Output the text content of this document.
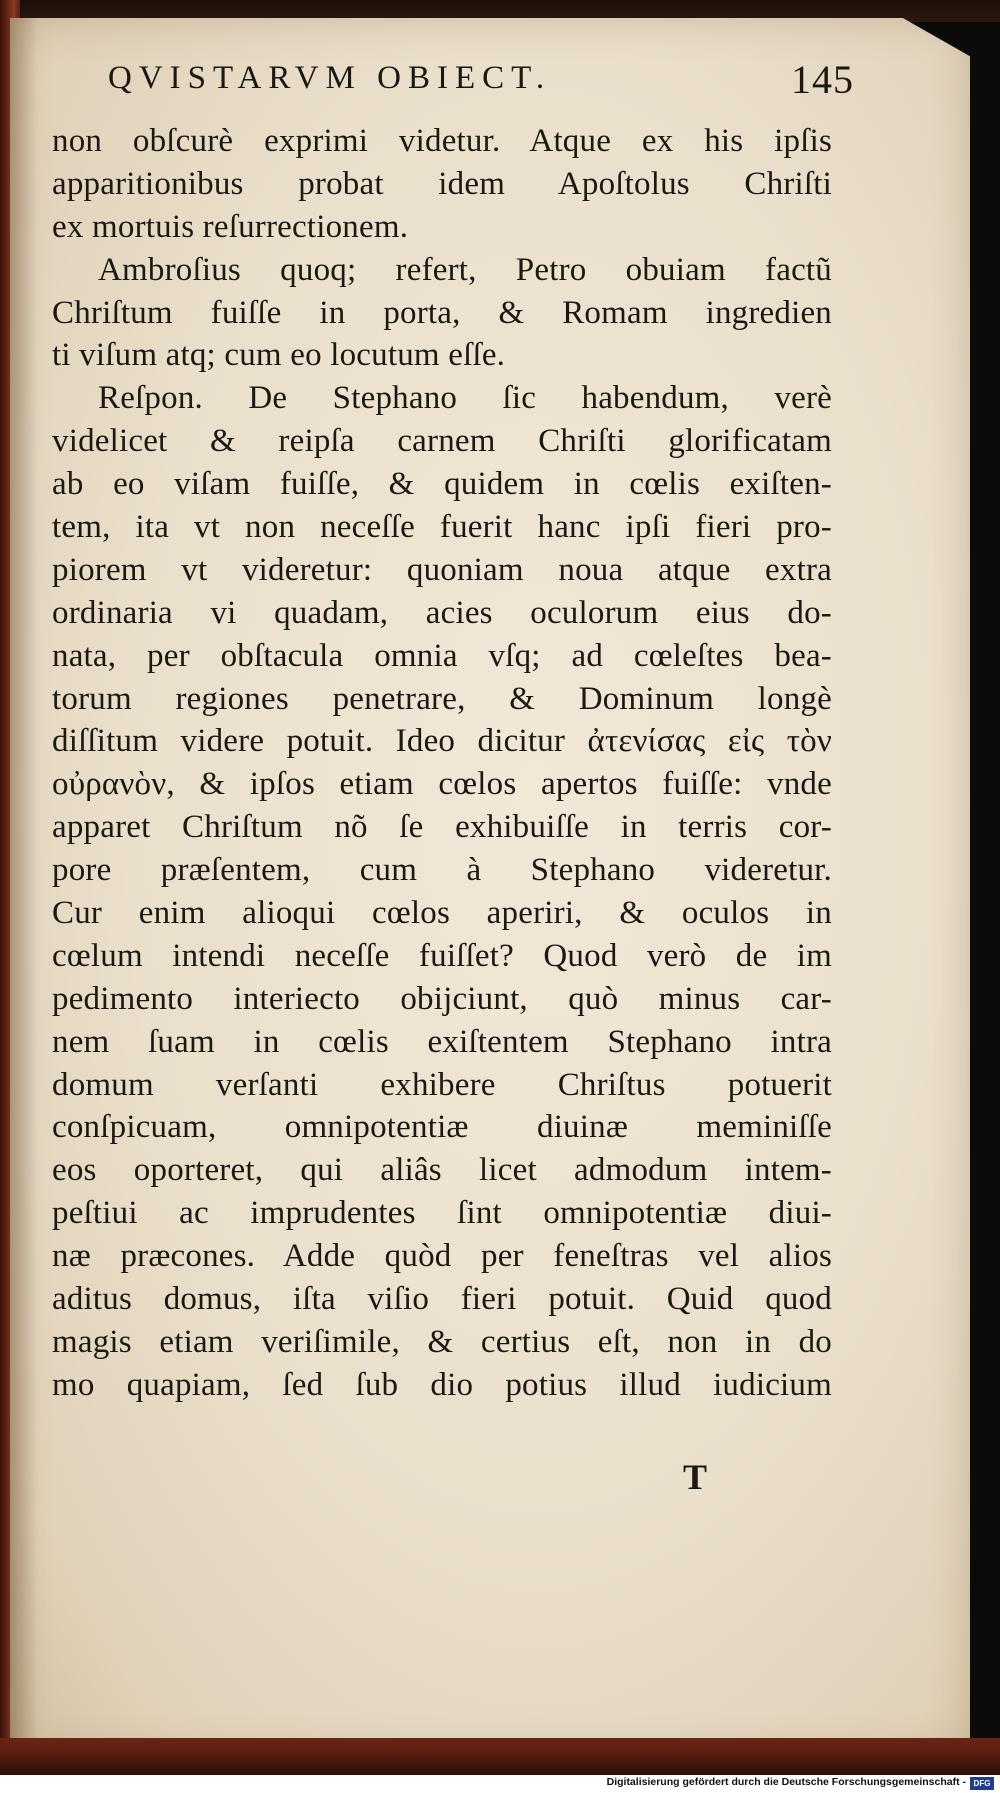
QVISTARVM OBIECT.	145
non obſcurè exprimi videtur. Atque ex his ipſis
apparitionibus probat idem Apoſtolus Chriſti
ex mortuis reſurrectionem.
Ambroſius quoq; refert, Petro obuiam factũ
Chriſtum fuiſſe in porta, & Romam ingredien
ti viſum atq; cum eo locutum eſſe.
Reſpon. De Stephano ſic habendum, verè
videlicet & reipſa carnem Chriſti glorificatam
ab eo viſam fuiſſe, & quidem in cœlis exiſten-
tem, ita vt non neceſſe fuerit hanc ipſi fieri pro-
piorem vt videretur: quoniam noua atque extra
ordinaria vi quadam, acies oculorum eius do-
nata, per obſtacula omnia vſq; ad cœleſtes bea-
torum regiones penetrare, & Dominum longè
diſſitum videre potuit. Ideo dicitur ἀτενίσας εἰς τὸν
οὐρανὸν, & ipſos etiam cœlos apertos fuiſſe: vnde
apparet Chriſtum nõ ſe exhibuiſſe in terris cor-
pore præſentem, cum à Stephano videretur.
Cur enim alioqui cœlos aperiri, & oculos in
cœlum intendi neceſſe fuiſſet? Quod verò de im
pedimento interiecto obijciunt, quò minus car-
nem ſuam in cœlis exiſtentem Stephano intra
domum verſanti exhibere Chriſtus potuerit
conſpicuam, omnipotentiæ diuinæ meminiſſe
eos oporteret, qui aliâs licet admodum intem-
peſtiui ac imprudentes ſint omnipotentiæ diui-
næ præcones. Adde quòd per feneſtras vel alios
aditus domus, iſta viſio fieri potuit. Quid quod
magis etiam veriſimile, & certius eſt, non in do
mo quapiam, ſed ſub dio potius illud iudicium
T
Digitalisierung gefördert durch die Deutsche Forschungsgemeinschaft - DFG
